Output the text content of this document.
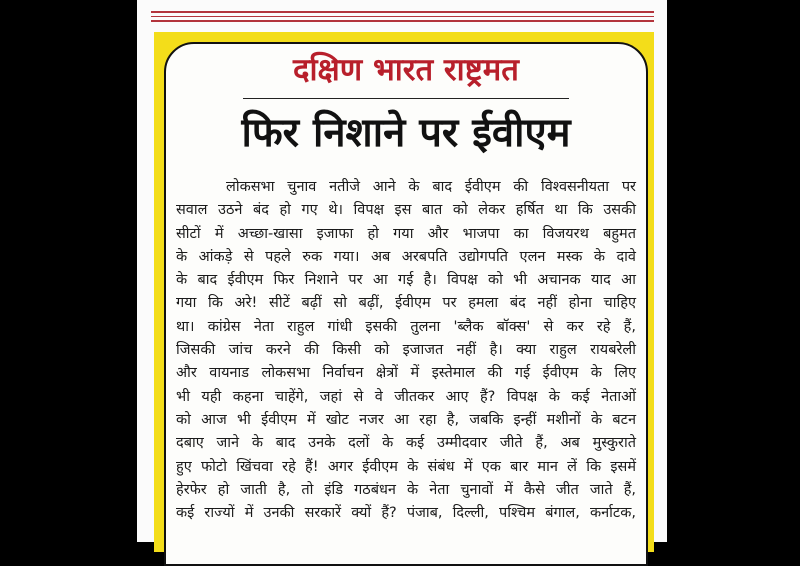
दक्षिण भारत राष्ट्रमत
फिर निशाने पर ईवीएम
लोकसभा चुनाव नतीजे आने के बाद ईवीएम की विश्वसनीयता पर
सवाल उठने बंद हो गए थे। विपक्ष इस बात को लेकर हर्षित था कि उसकी
सीटों में अच्छा-खासा इजाफा हो गया और भाजपा का विजयरथ बहुमत
के आंकड़े से पहले रुक गया। अब अरबपति उद्योगपति एलन मस्क के दावे
के बाद ईवीएम फिर निशाने पर आ गई है। विपक्ष को भी अचानक याद आ
गया कि अरे! सीटें बढ़ीं सो बढ़ीं, ईवीएम पर हमला बंद नहीं होना चाहिए
था। कांग्रेस नेता राहुल गांधी इसकी तुलना 'ब्लैक बॉक्स' से कर रहे हैं,
जिसकी जांच करने की किसी को इजाजत नहीं है। क्या राहुल रायबरेली
और वायनाड लोकसभा निर्वाचन क्षेत्रों में इस्तेमाल की गई ईवीएम के लिए
भी यही कहना चाहेंगे, जहां से वे जीतकर आए हैं? विपक्ष के कई नेताओं
को आज भी ईवीएम में खोट नजर आ रहा है, जबकि इन्हीं मशीनों के बटन
दबाए जाने के बाद उनके दलों के कई उम्मीदवार जीते हैं, अब मुस्कुराते
हुए फोटो खिंचवा रहे हैं! अगर ईवीएम के संबंध में एक बार मान लें कि इसमें
हेरफेर हो जाती है, तो इंडि गठबंधन के नेता चुनावों में कैसे जीत जाते हैं,
कई राज्यों में उनकी सरकारें क्यों हैं? पंजाब, दिल्ली, पश्चिम बंगाल, कर्नाटक,
